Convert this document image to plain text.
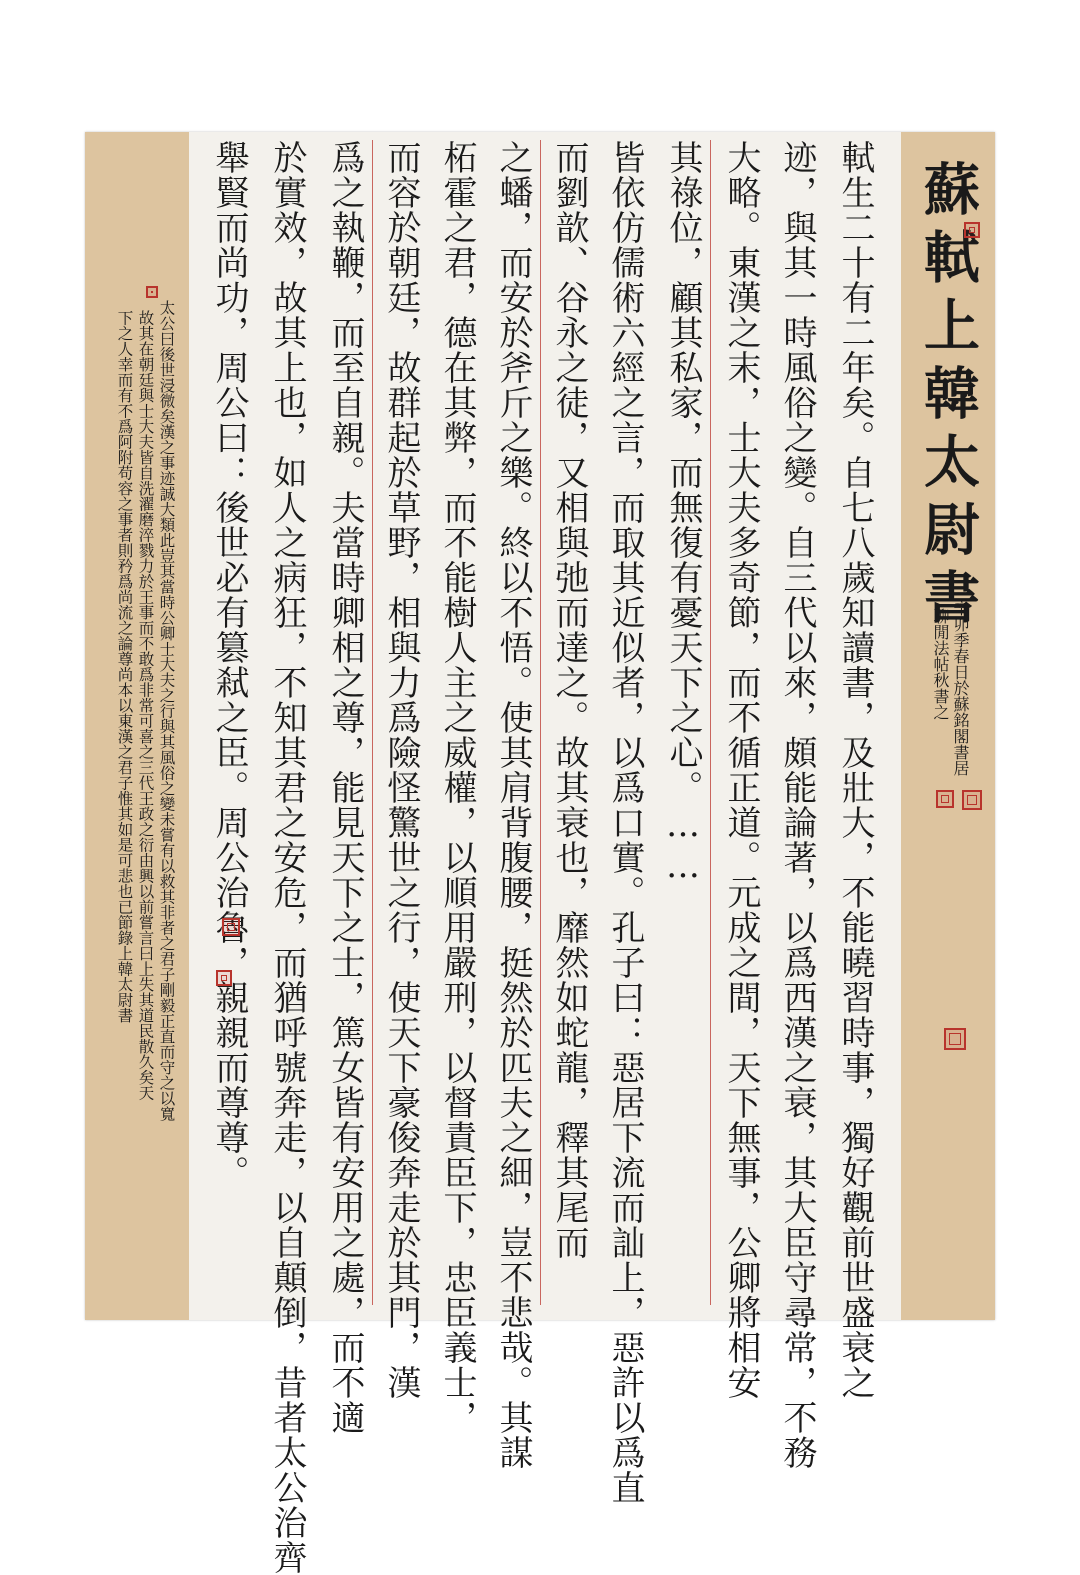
蘇軾上韓太尉書
辛卯季春日於蘇銘閣書居
聊閒法帖秋書之
軾生二十有二年矣。自七八歲知讀書，及壯大，不能曉習時事，獨好觀前世盛衰之
迹，與其一時風俗之變。自三代以來，頗能論著，以爲西漢之衰，其大臣守尋常，不務
大略。東漢之末，士大夫多奇節，而不循正道。元成之間，天下無事，公卿將相安
其祿位，顧其私家，而無復有憂天下之心。……
皆依仿儒術六經之言，而取其近似者，以爲口實。孔子曰：惡居下流而訕上，惡許以爲直
而劉歆、谷永之徒，又相與弛而達之。故其衰也，靡然如蛇龍，釋其尾而
之蟠，而安於斧斤之樂。終以不悟。使其肩背腹腰，挺然於匹夫之細，豈不悲哉。其謀
柘霍之君，德在其弊，而不能樹人主之威權，以順用嚴刑，以督責臣下，忠臣義士，
而容於朝廷，故群起於草野，相與力爲險怪驚世之行，使天下豪俊奔走於其門，漢
爲之執鞭，而至自親。夫當時卿相之尊，能見天下之士，篤女皆有安用之處，而不適
於實效，故其上也，如人之病狂，不知其君之安危，而猶呼號奔走，以自顛倒，昔者太公治齊
舉賢而尚功，周公曰：後世必有篡弒之臣。周公治魯，親親而尊尊。
太公曰後世浸微矣漢之事迹誠大類此豈其當時公卿士大夫之行與其風俗之變未嘗有以救其非者之君子剛毅正直而守之以寬
故其在朝廷與士大夫皆自洗濯磨淬戮力於王事而不敢爲非常可喜之三代王政之衍由興以前嘗言曰上失其道民散久矣天
下之人幸而有不爲阿附苟容之事者則矜爲尚流之論尊尚本以東漢之君子惟其如是可悲也已節錄上韓太尉書
